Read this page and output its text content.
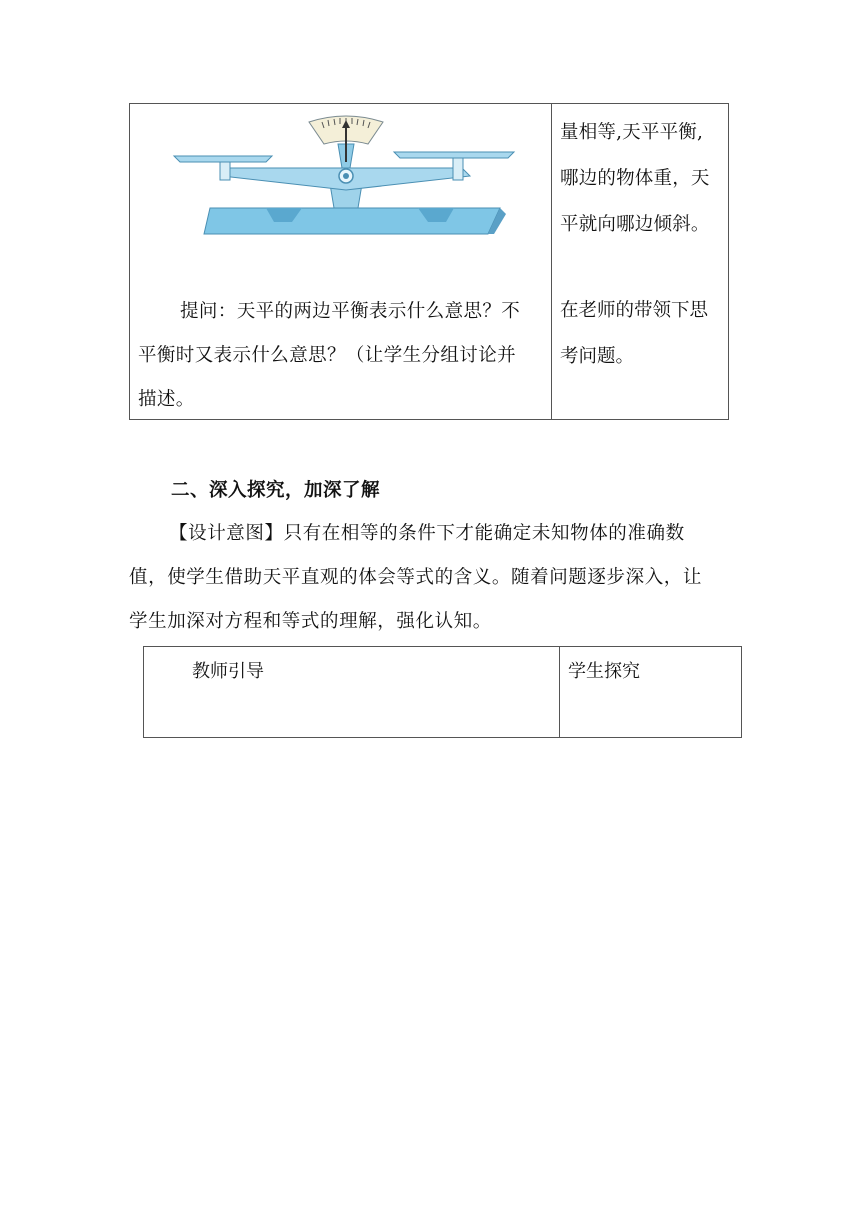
提问：天平的两边平衡表示什么意思？不
平衡时又表示什么意思？（让学生分组讨论并
描述。
量相等,天平平衡,
哪边的物体重，天
平就向哪边倾斜。
在老师的带领下思
考问题。
二、深入探究，加深了解
【设计意图】只有在相等的条件下才能确定未知物体的准确数
值，使学生借助天平直观的体会等式的含义。随着问题逐步深入，让
学生加深对方程和等式的理解，强化认知。
教师引导	学生探究
